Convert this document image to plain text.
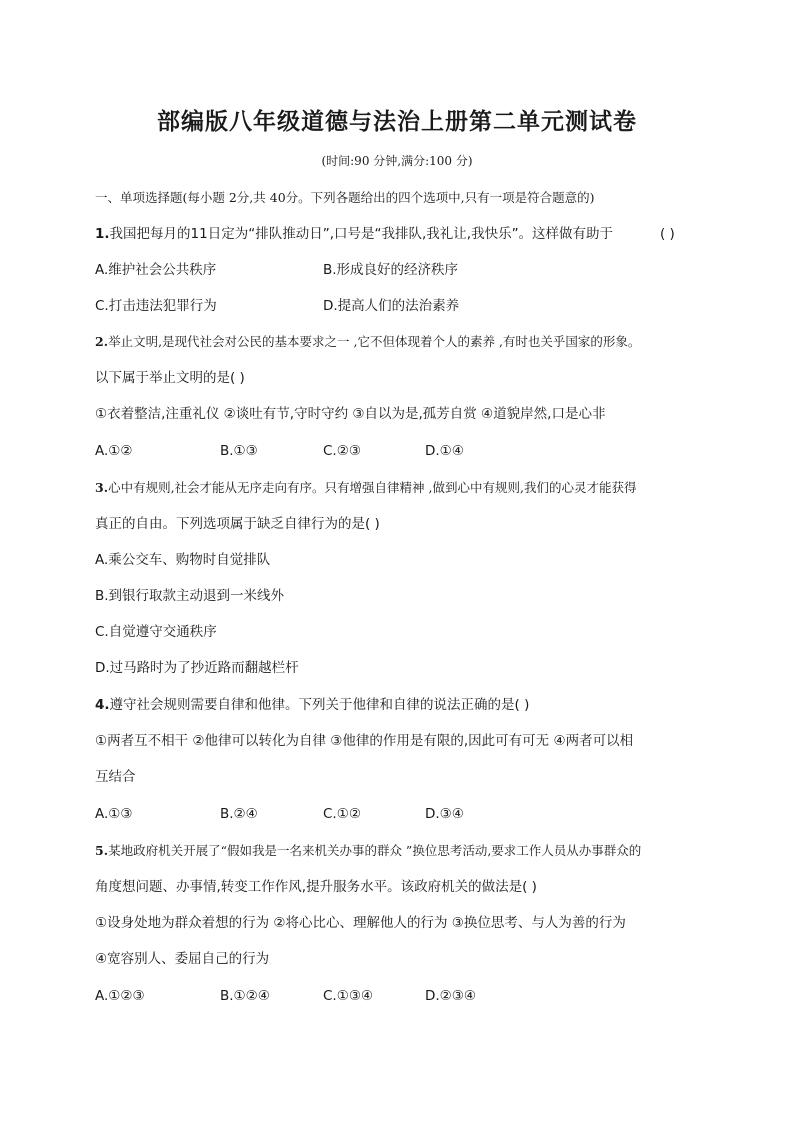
部编版八年级道德与法治上册第二单元测试卷
(时间:90 分钟,满分:100 分)
一、单项选择题(每小题 2分,共 40分。下列各题给出的四个选项中,只有一项是符合题意的)
1.我国把每月的11日定为“排队推动日”,口号是“我排队,我礼让,我快乐”。这样做有助于	( )
A.维护社会公共秩序	B.形成良好的经济秩序
C.打击违法犯罪行为	D.提高人们的法治素养
2.举止文明,是现代社会对公民的基本要求之一 ,它不但体现着个人的素养 ,有时也关乎国家的形象。
以下属于举止文明的是( )
①衣着整洁,注重礼仪 ②谈吐有节,守时守约 ③自以为是,孤芳自赏 ④道貌岸然,口是心非
A.①②	B.①③	C.②③	D.①④
3.心中有规则,社会才能从无序走向有序。只有增强自律精神 ,做到心中有规则,我们的心灵才能获得
真正的自由。下列选项属于缺乏自律行为的是( )
A.乘公交车、购物时自觉排队
B.到银行取款主动退到一米线外
C.自觉遵守交通秩序
D.过马路时为了抄近路而翻越栏杆
4.遵守社会规则需要自律和他律。下列关于他律和自律的说法正确的是( )
①两者互不相干 ②他律可以转化为自律 ③他律的作用是有限的,因此可有可无 ④两者可以相
互结合
A.①③	B.②④	C.①②	D.③④
5.某地政府机关开展了“假如我是一名来机关办事的群众 ”换位思考活动,要求工作人员从办事群众的
角度想问题、办事情,转变工作作风,提升服务水平。该政府机关的做法是( )
①设身处地为群众着想的行为 ②将心比心、理解他人的行为 ③换位思考、与人为善的行为
④宽容别人、委屈自己的行为
A.①②③	B.①②④	C.①③④	D.②③④
